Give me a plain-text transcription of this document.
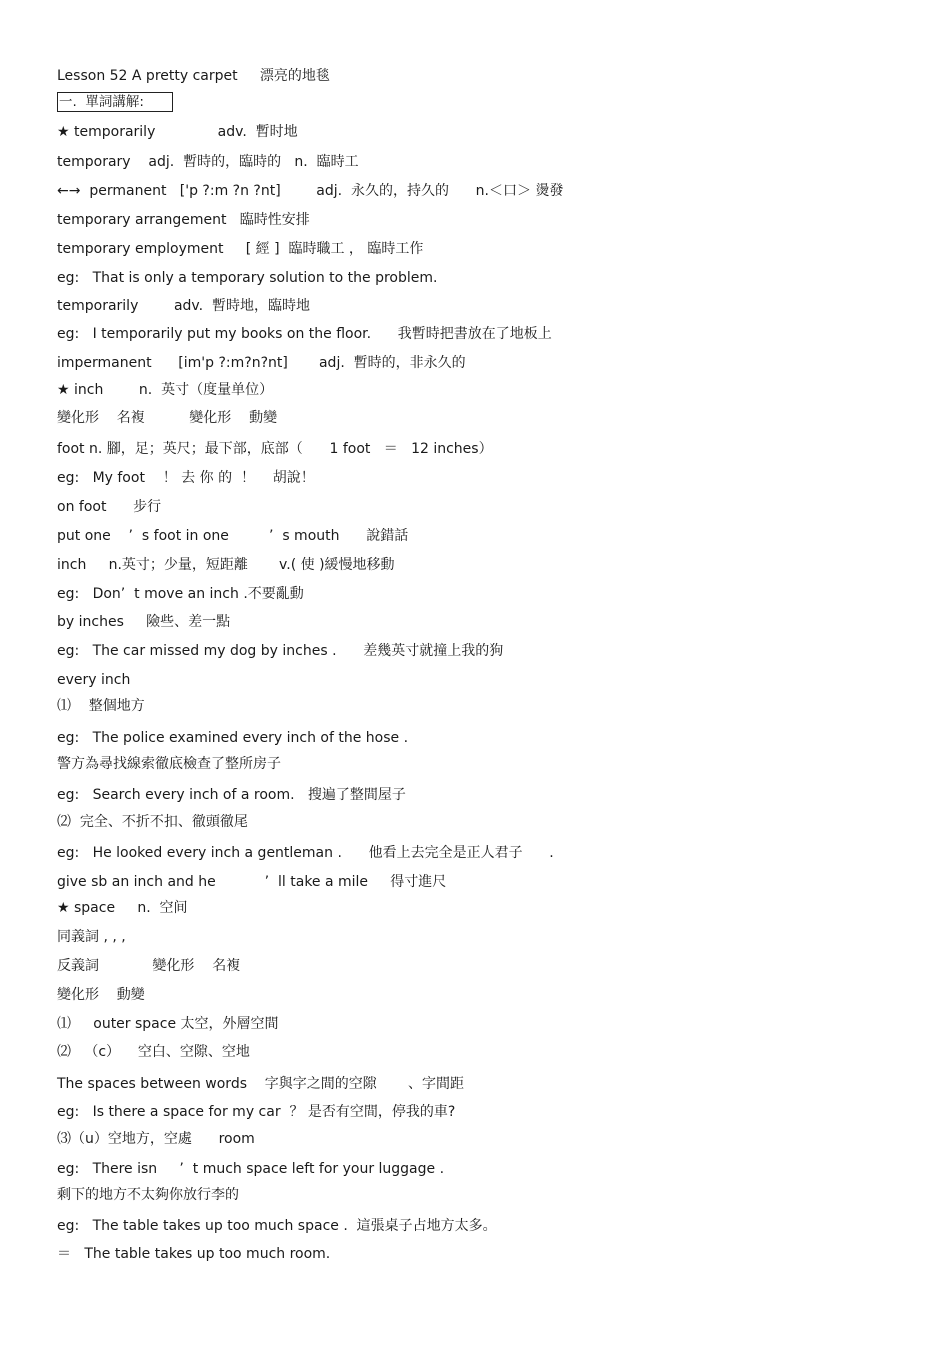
Lesson 52 A pretty carpet     漂亮的地毯
一.  單詞講解:
★ temporarily              adv.  暫时地
temporary    adj.  暫時的，臨時的   n.  臨時工
←→  permanent   ['p ?:m ?n ?nt]        adj.  永久的，持久的      n.＜口＞ 燙發
temporary arrangement   臨時性安排
temporary employment     [ 經 ]  臨時職工 ， 臨時工作
eg:   That is only a temporary solution to the problem.
temporarily        adv.  暫時地，臨時地
eg:   I temporarily put my books on the floor.      我暫時把書放在了地板上
impermanent      [im'p ?:m?n?nt]       adj.  暫時的，非永久的
★ inch        n.  英寸（度量单位）
變化形    名複          變化形    動變
foot n. 腳，足；英尺；最下部，底部（      1 foot   ＝   12 inches）
eg:   My foot    ！ 去 你 的  ！    胡說！
on foot      步行
put one    ’  s foot in one         ’  s mouth      說錯話
inch     n.英寸；少量，短距離       v.( 使 )緩慢地移動
eg:   Don’  t move an inch .不要亂動
by inches     險些、差一點
eg:   The car missed my dog by inches .      差幾英寸就撞上我的狗
every inch
⑴    整個地方
eg:   The police examined every inch of the hose .
警方為尋找線索徹底檢查了整所房子
eg:   Search every inch of a room.   搜遍了整間屋子
⑵  完全、不折不扣、徹頭徹尾
eg:   He looked every inch a gentleman .      他看上去完全是正人君子      .
give sb an inch and he           ’  ll take a mile     得寸進尺
★ space     n.  空间
同義詞 , , ,
反義詞            變化形    名複
變化形    動變
⑴     outer space 太空，外層空間
⑵   （c）    空白、空隙、空地
The spaces between words    字與字之間的空隙       、字間距
eg:   Is there a space for my car  ？ 是否有空間，停我的車?
⑶（u）空地方，空處      room
eg:   There isn     ’  t much space left for your luggage .
剩下的地方不太夠你放行李的
eg:   The table takes up too much space .  這張桌子占地方太多。
＝   The table takes up too much room.
